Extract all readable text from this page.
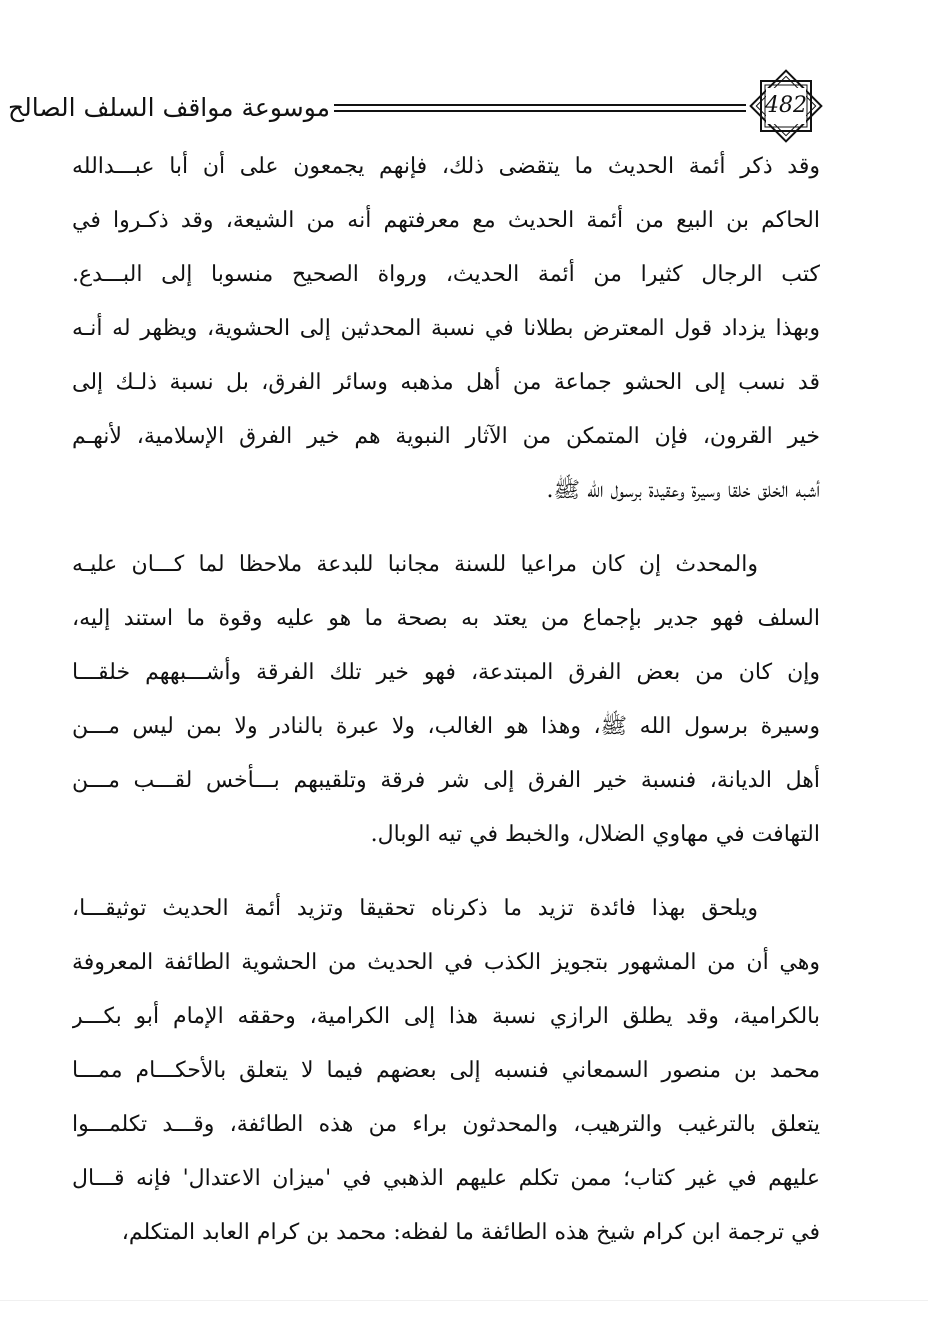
موسوعة مواقف السلف الصالح	482
وقد ذكر أئمة الحديث ما يتقضى ذلك، فإنهم يجمعون على أن أبا عبـــدالله
الحاكم بن البيع من أئمة الحديث مع معرفتهم أنه من الشيعة، وقد ذكـروا في
كتب الرجال كثيرا من أئمة الحديث، ورواة الصحيح منسوبا إلى البـــدع.
وبهذا يزداد قول المعترض بطلانا في نسبة المحدثين إلى الحشوية، ويظهر له أنـه
قد نسب إلى الحشو جماعة من أهل مذهبه وسائر الفرق، بل نسبة ذلـك إلى
خير القرون، فإن المتمكن من الآثار النبوية هم خير الفرق الإسلامية، لأنهـم
أشبه الخلق خلقا وسيرة وعقيدة برسول الله ﷺ.
والمحدث إن كان مراعيا للسنة مجانبا للبدعة ملاحظا لما كـــان عليـه
السلف فهو جدير بإجماع من يعتد به بصحة ما هو عليه وقوة ما استند إليه،
وإن كان من بعض الفرق المبتدعة، فهو خير تلك الفرقة وأشـــبههم خلقـــا
وسيرة برسول الله ﷺ، وهذا هو الغالب، ولا عبرة بالنادر ولا بمن ليس مـــن
أهل الديانة، فنسبة خير الفرق إلى شر فرقة وتلقيبهم بـــأخس لقـــب مـــن
التهافت في مهاوي الضلال، والخبط في تيه الوبال.
ويلحق بهذا فائدة تزيد ما ذكرناه تحقيقا وتزيد أئمة الحديث توثيقـــا،
وهي أن من المشهور بتجويز الكذب في الحديث من الحشوية الطائفة المعروفة
بالكرامية، وقد يطلق الرازي نسبة هذا إلى الكرامية، وحققه الإمام أبو بكـــر
محمد بن منصور السمعاني فنسبه إلى بعضهم فيما لا يتعلق بالأحكـــام ممـــا
يتعلق بالترغيب والترهيب، والمحدثون براء من هذه الطائفة، وقـــد تكلمـــوا
عليهم في غير كتاب؛ ممن تكلم عليهم الذهبي في 'ميزان الاعتدال' فإنه قـــال
في ترجمة ابن كرام شيخ هذه الطائفة ما لفظه: محمد بن كرام العابد المتكلم،
